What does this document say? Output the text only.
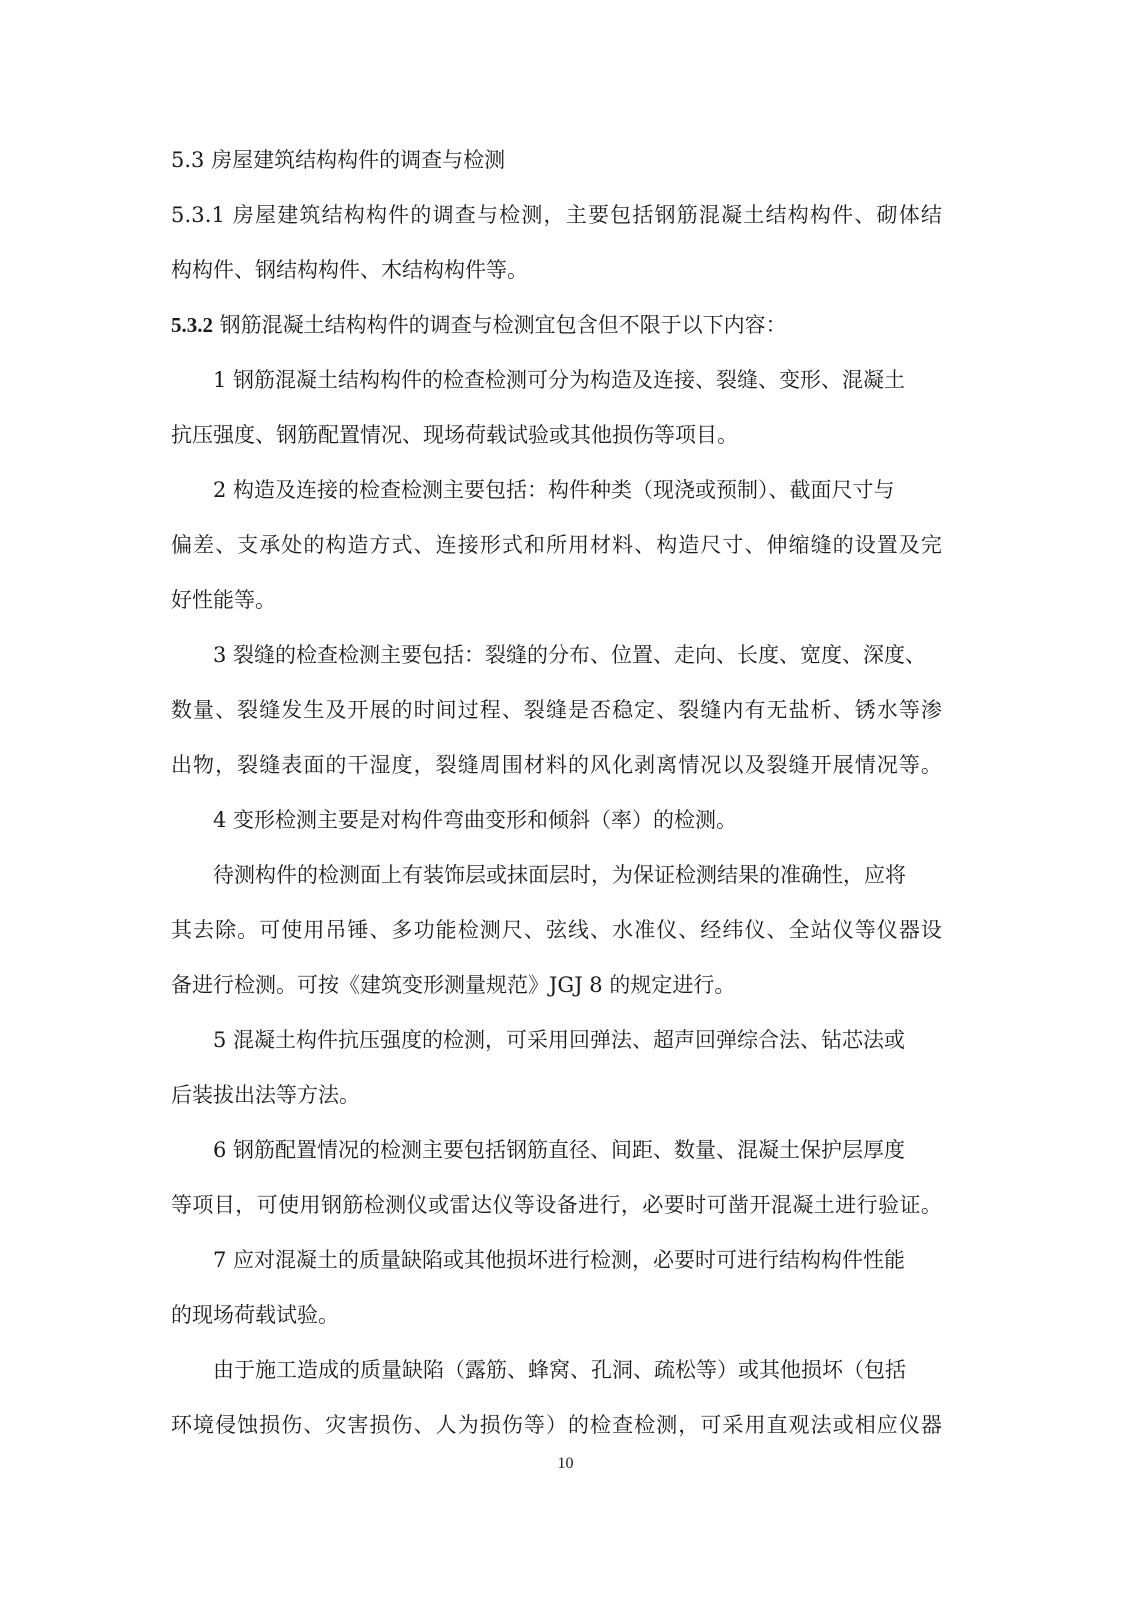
5.3 房屋建筑结构构件的调查与检测

5.3.1 房屋建筑结构构件的调查与检测，主要包括钢筋混凝土结构构件、砌体结

构构件、钢结构构件、木结构构件等。

5.3.2 钢筋混凝土结构构件的调查与检测宜包含但不限于以下内容：

1 钢筋混凝土结构构件的检查检测可分为构造及连接、裂缝、变形、混凝土

抗压强度、钢筋配置情况、现场荷载试验或其他损伤等项目。

2 构造及连接的检查检测主要包括：构件种类（现浇或预制）、截面尺寸与

偏差、支承处的构造方式、连接形式和所用材料、构造尺寸、伸缩缝的设置及完

好性能等。

3 裂缝的检查检测主要包括：裂缝的分布、位置、走向、长度、宽度、深度、

数量、裂缝发生及开展的时间过程、裂缝是否稳定、裂缝内有无盐析、锈水等渗

出物，裂缝表面的干湿度，裂缝周围材料的风化剥离情况以及裂缝开展情况等。

4 变形检测主要是对构件弯曲变形和倾斜（率）的检测。

待测构件的检测面上有装饰层或抹面层时，为保证检测结果的准确性，应将

其去除。可使用吊锤、多功能检测尺、弦线、水准仪、经纬仪、全站仪等仪器设

备进行检测。可按《建筑变形测量规范》JGJ 8 的规定进行。

5 混凝土构件抗压强度的检测，可采用回弹法、超声回弹综合法、钻芯法或

后装拔出法等方法。

6 钢筋配置情况的检测主要包括钢筋直径、间距、数量、混凝土保护层厚度

等项目，可使用钢筋检测仪或雷达仪等设备进行，必要时可凿开混凝土进行验证。

7 应对混凝土的质量缺陷或其他损坏进行检测，必要时可进行结构构件性能

的现场荷载试验。

由于施工造成的质量缺陷（露筋、蜂窝、孔洞、疏松等）或其他损坏（包括

环境侵蚀损伤、灾害损伤、人为损伤等）的检查检测，可采用直观法或相应仪器

10
